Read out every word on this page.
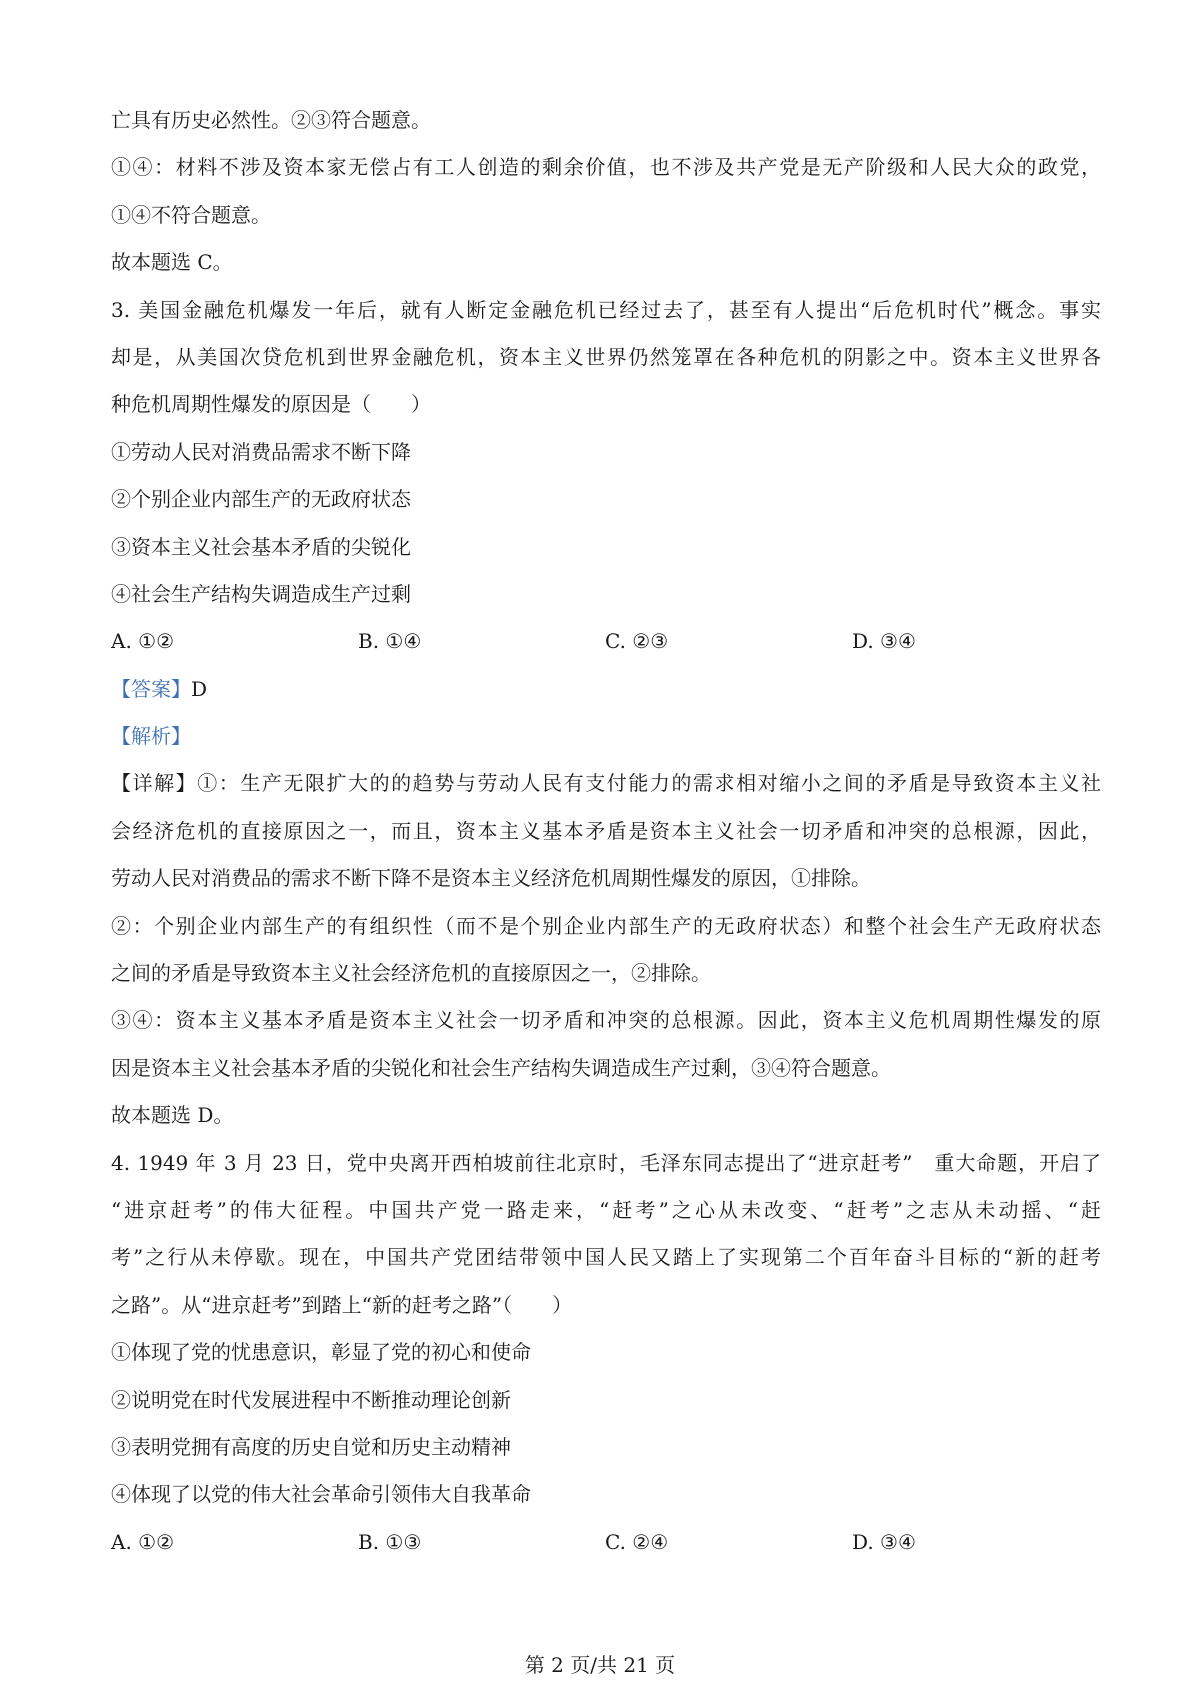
亡具有历史必然性。②③符合题意。
①④：材料不涉及资本家无偿占有工人创造的剩余价值，也不涉及共产党是无产阶级和人民大众的政党，
①④不符合题意。
故本题选 C。
3. 美国金融危机爆发一年后，就有人断定金融危机已经过去了，甚至有人提出“后危机时代”概念。事实
却是，从美国次贷危机到世界金融危机，资本主义世界仍然笼罩在各种危机的阴影之中。资本主义世界各
种危机周期性爆发的原因是（　　）
①劳动人民对消费品需求不断下降
②个别企业内部生产的无政府状态
③资本主义社会基本矛盾的尖锐化
④社会生产结构失调造成生产过剩
A. ①②	B. ①④	C. ②③	D. ③④
【答案】D
【解析】
【详解】①：生产无限扩大的的趋势与劳动人民有支付能力的需求相对缩小之间的矛盾是导致资本主义社
会经济危机的直接原因之一，而且，资本主义基本矛盾是资本主义社会一切矛盾和冲突的总根源，因此，
劳动人民对消费品的需求不断下降不是资本主义经济危机周期性爆发的原因，①排除。
②：个别企业内部生产的有组织性（而不是个别企业内部生产的无政府状态）和整个社会生产无政府状态
之间的矛盾是导致资本主义社会经济危机的直接原因之一，②排除。
③④：资本主义基本矛盾是资本主义社会一切矛盾和冲突的总根源。因此，资本主义危机周期性爆发的原
因是资本主义社会基本矛盾的尖锐化和社会生产结构失调造成生产过剩，③④符合题意。
故本题选 D。
4. 1949 年 3 月 23 日，党中央离开西柏坡前往北京时，毛泽东同志提出了“进京赶考”　重大命题，开启了
“进京赶考”的伟大征程。中国共产党一路走来，“赶考”之心从未改变、“赶考”之志从未动摇、“赶
考”之行从未停歇。现在，中国共产党团结带领中国人民又踏上了实现第二个百年奋斗目标的“新的赶考
之路”。从“进京赶考”到踏上“新的赶考之路”（　　）
①体现了党的忧患意识，彰显了党的初心和使命
②说明党在时代发展进程中不断推动理论创新
③表明党拥有高度的历史自觉和历史主动精神
④体现了以党的伟大社会革命引领伟大自我革命
A. ①②	B. ①③	C. ②④	D. ③④
第 2 页/共 21 页
